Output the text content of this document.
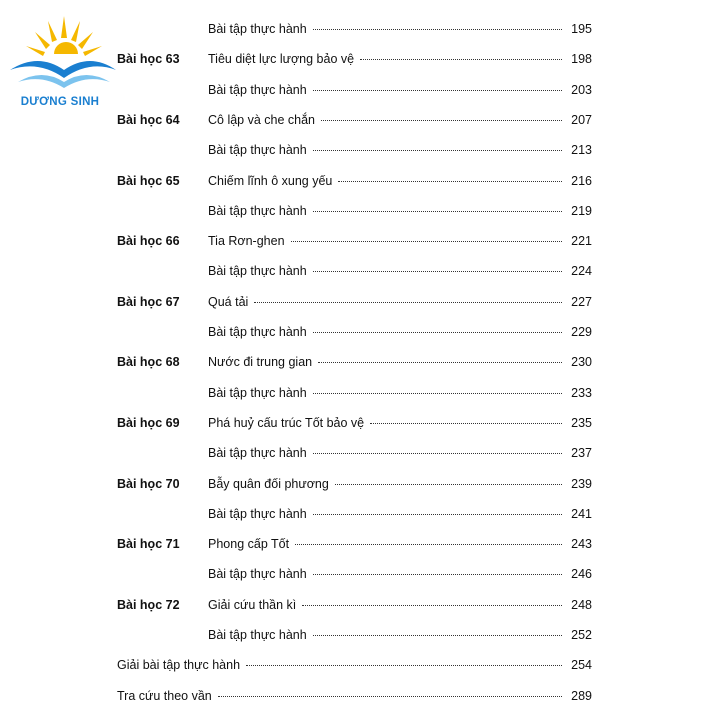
DƯƠNG SINH
Bài tập thực hành	195
Bài học 63 Tiêu diệt lực lượng bảo vệ	198
Bài tập thực hành	203
Bài học 64 Cô lập và che chắn	207
Bài tập thực hành	213
Bài học 65 Chiếm lĩnh ô xung yếu	216
Bài tập thực hành	219
Bài học 66 Tia Rơn-ghen	221
Bài tập thực hành	224
Bài học 67 Quá tải	227
Bài tập thực hành	229
Bài học 68 Nước đi trung gian	230
Bài tập thực hành	233
Bài học 69 Phá huỷ cấu trúc Tốt bảo vệ	235
Bài tập thực hành	237
Bài học 70 Bẫy quân đối phương	239
Bài tập thực hành	241
Bài học 71 Phong cấp Tốt	243
Bài tập thực hành	246
Bài học 72 Giải cứu thần kì	248
Bài tập thực hành	252
Giải bài tập thực hành	254
Tra cứu theo vần	289
